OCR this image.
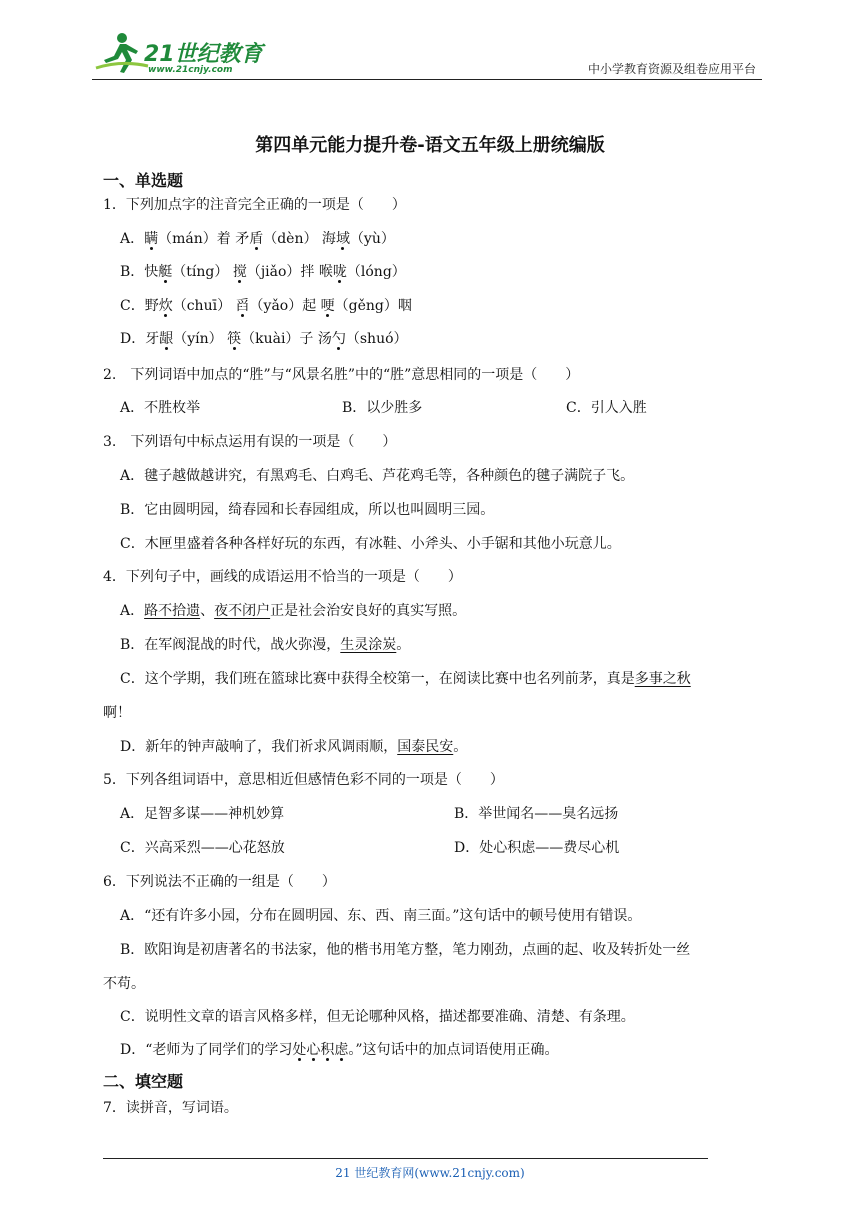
21世纪教育
www.21cnjy.com	中小学教育资源及组卷应用平台
第四单元能力提升卷-语文五年级上册统编版
一、单选题
1．下列加点字的注音完全正确的一项是（　　）
A．瞒（mán）着 矛盾（dèn） 海域（yù）
B．快艇（tíng） 搅（jiǎo）拌 喉咙（lóng）
C．野炊（chuī） 舀（yǎo）起 哽（gěng）咽
D．牙龈（yín） 筷（kuài）子 汤勺（shuó）
2.　下列词语中加点的“胜”与“风景名胜”中的“胜”意思相同的一项是（　　）
A．不胜枚举	B．以少胜多	C．引人入胜
3.　下列语句中标点运用有误的一项是（　　）
A．毽子越做越讲究，有黑鸡毛、白鸡毛、芦花鸡毛等，各种颜色的毽子满院子飞。
B．它由圆明园，绮春园和长春园组成，所以也叫圆明三园。
C．木匣里盛着各种各样好玩的东西，有冰鞋、小斧头、小手锯和其他小玩意儿。
4．下列句子中，画线的成语运用不恰当的一项是（　　）
A．路不拾遗、夜不闭户正是社会治安良好的真实写照。
B．在军阀混战的时代，战火弥漫，生灵涂炭。
C．这个学期，我们班在篮球比赛中获得全校第一，在阅读比赛中也名列前茅，真是多事之秋
啊！
D．新年的钟声敲响了，我们祈求风调雨顺，国泰民安。
5．下列各组词语中，意思相近但感情色彩不同的一项是（　　）
A．足智多谋——神机妙算	B．举世闻名——臭名远扬
C．兴高采烈——心花怒放	D．处心积虑——费尽心机
6．下列说法不正确的一组是（　　）
A．“还有许多小园，分布在圆明园、东、西、南三面。”这句话中的顿号使用有错误。
B．欧阳询是初唐著名的书法家，他的楷书用笔方整，笔力刚劲，点画的起、收及转折处一丝
不苟。
C．说明性文章的语言风格多样，但无论哪种风格，描述都要准确、清楚、有条理。
D．“老师为了同学们的学习处心积虑。”这句话中的加点词语使用正确。
二、填空题
7．读拼音，写词语。
21 世纪教育网(www.21cnjy.com)
